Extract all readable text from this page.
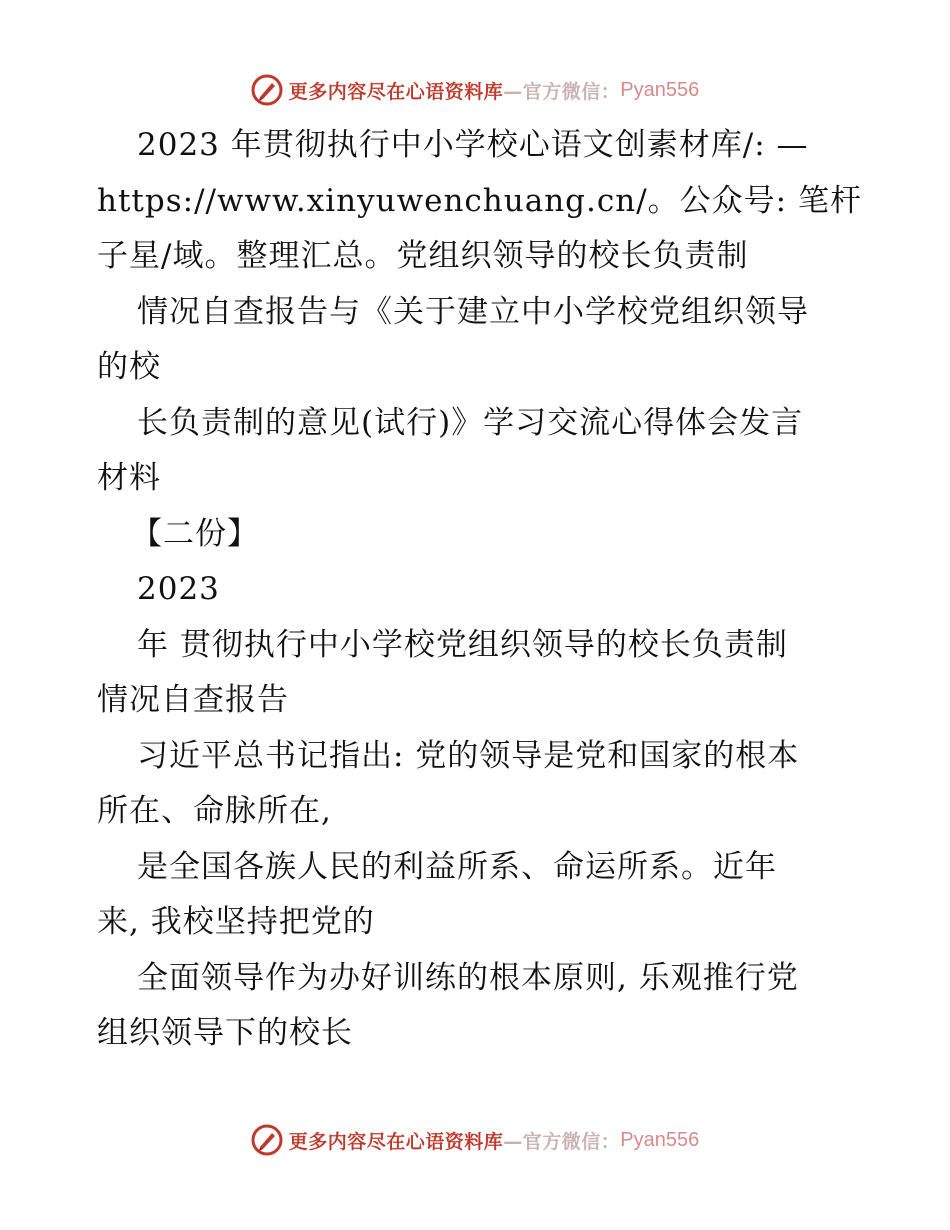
更多内容尽在心语资料库 —官方微信： Pyan556
2023 年贯彻执行中小学校心语文创素材库/: —
https://www.xinyuwenchuang.cn/。公众号: 笔杆
子星/域。整理汇总。党组织领导的校长负责制
情况自查报告与《关于建立中小学校党组织领导
的校
长负责制的意见(试行)》学习交流心得体会发言
材料
【二份】
2023
年 贯彻执行中小学校党组织领导的校长负责制
情况自查报告
习近平总书记指出: 党的领导是党和国家的根本
所在、命脉所在,
是全国各族人民的利益所系、命运所系。近年
来, 我校坚持把党的
全面领导作为办好训练的根本原则, 乐观推行党
组织领导下的校长
更多内容尽在心语资料库 —官方微信： Pyan556
